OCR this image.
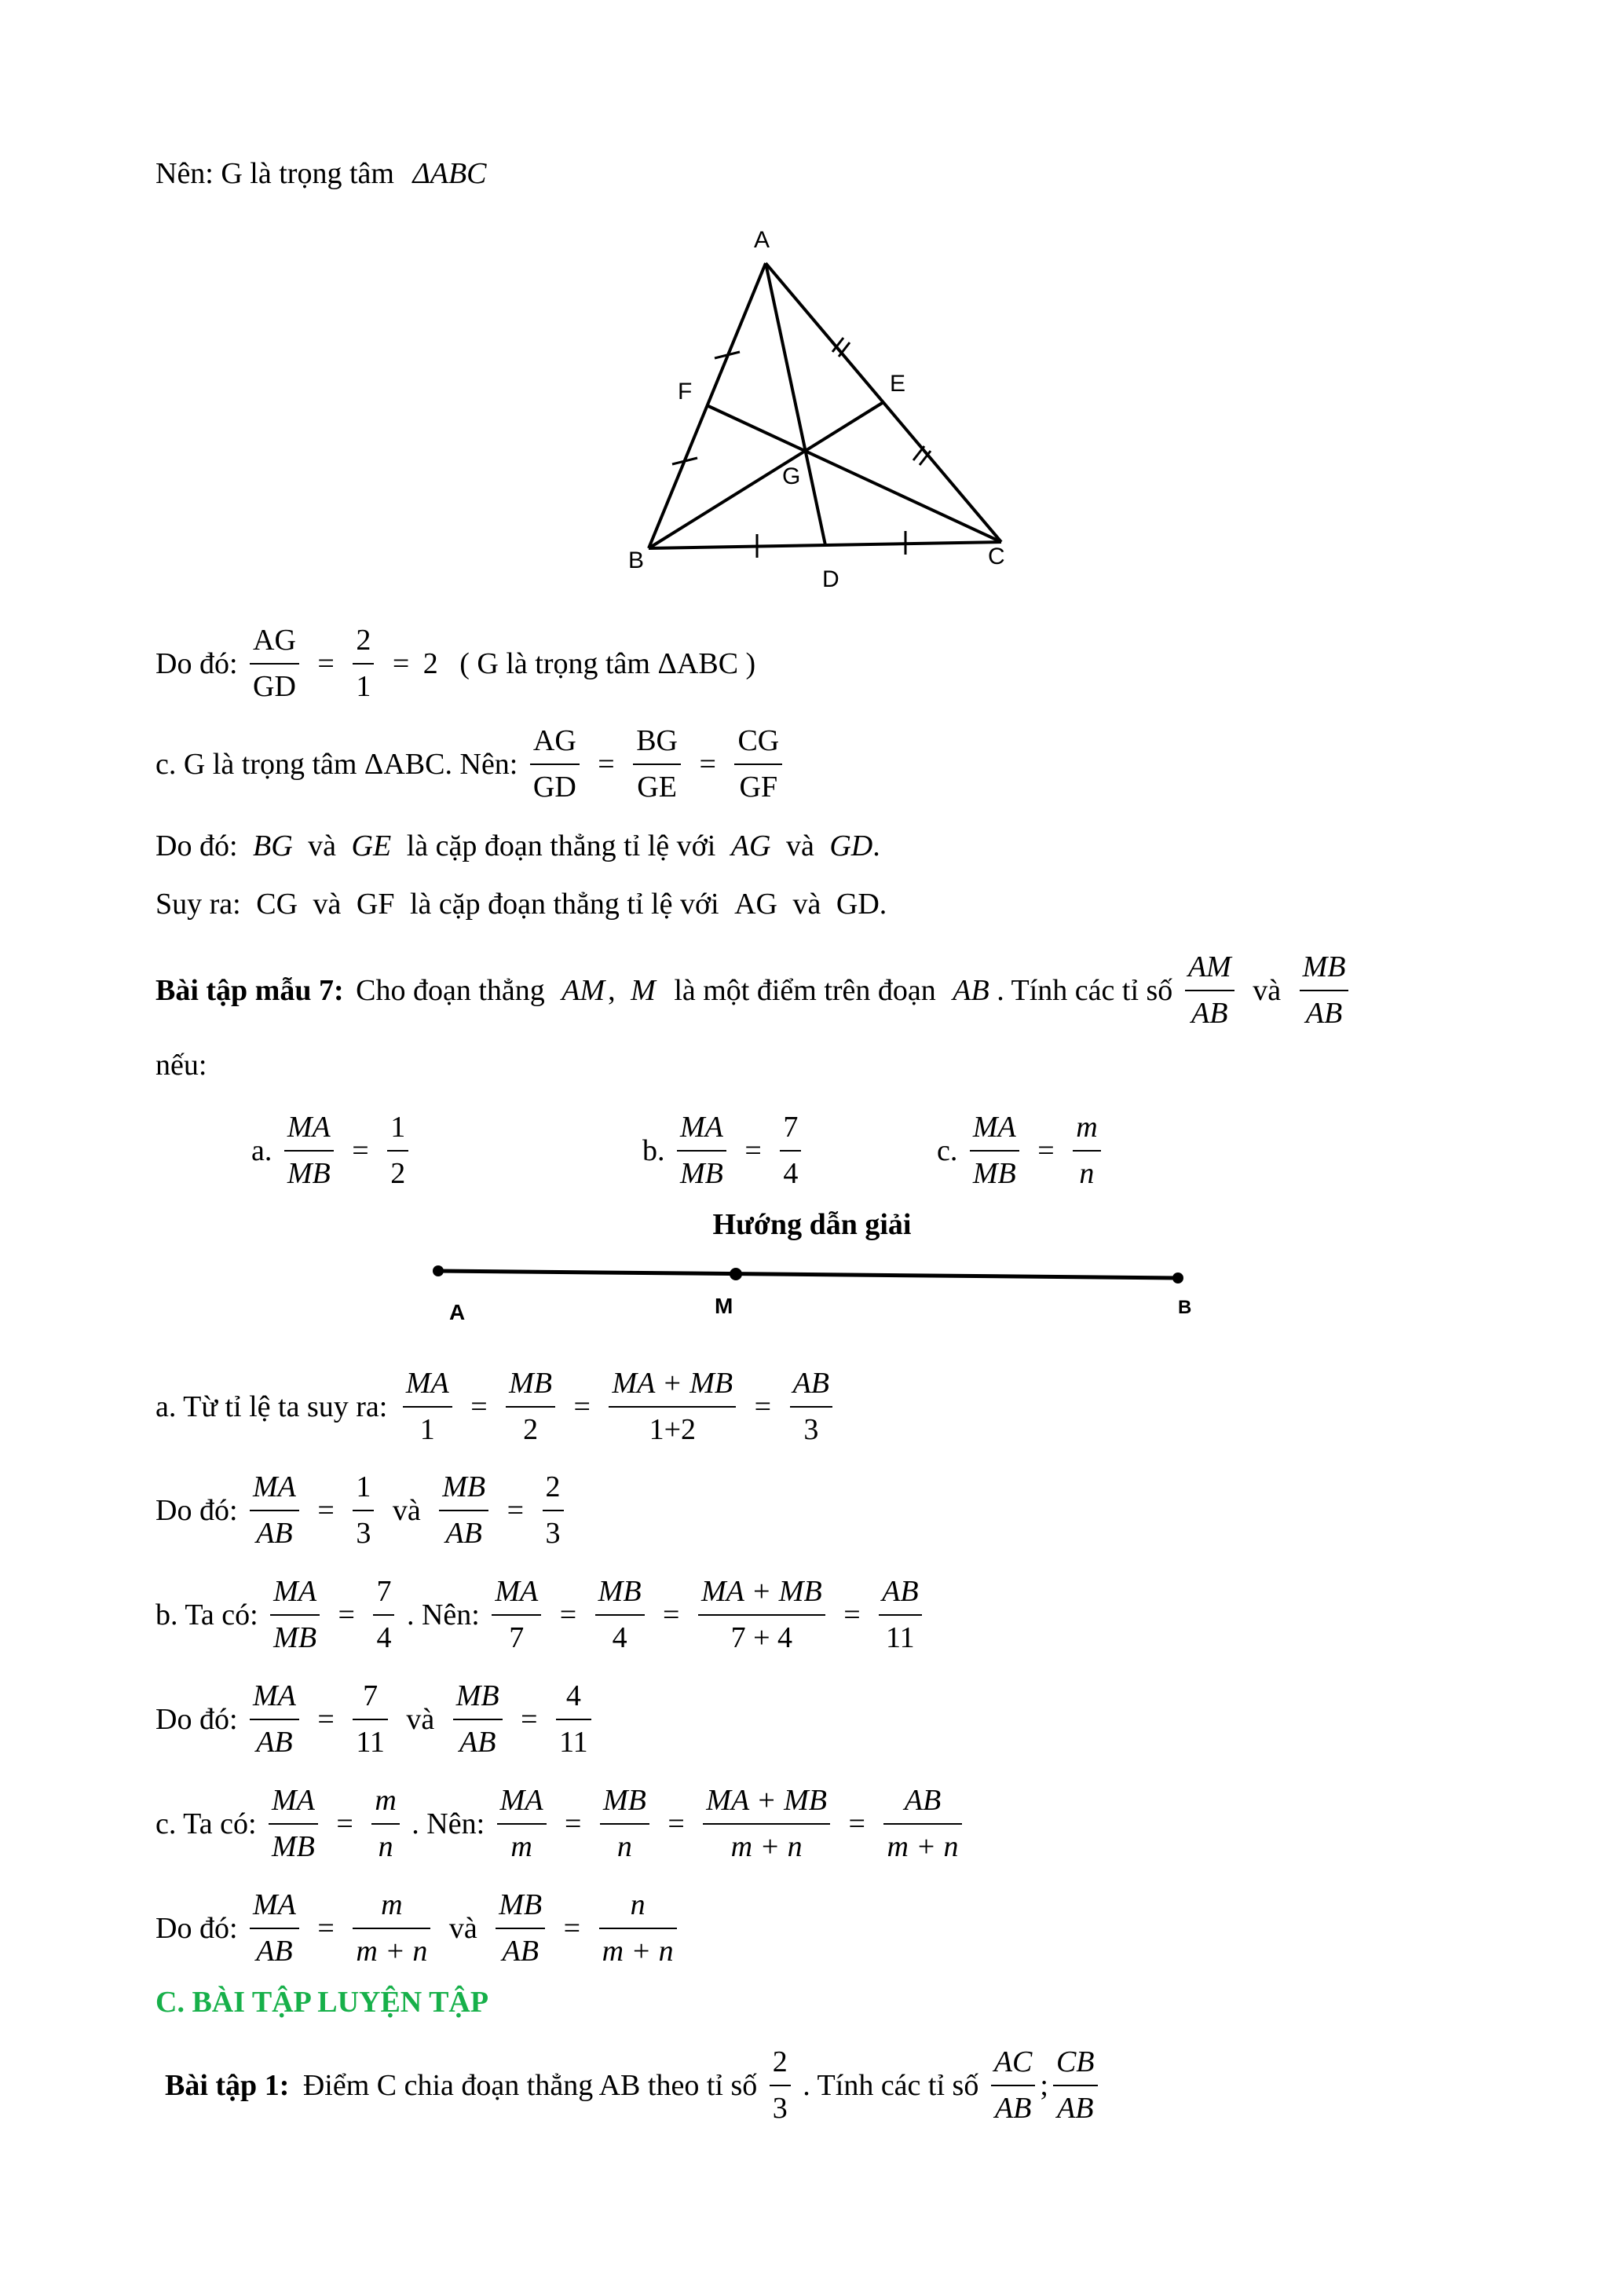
Nên: G là trọng tâm ΔABC
A
F	E
G
B	C
D
Do đó: $\frac{AG}{GD} = \frac{2}{1} = 2$ ( G là trọng tâm ΔABC )
c. G là trọng tâm ΔABC. Nên: $\frac{AG}{GD} = \frac{BG}{GE} = \frac{CG}{GF}$
Do đó: BG và GE là cặp đoạn thẳng tỉ lệ với AG và GD.
Suy ra: CG và GF là cặp đoạn thẳng tỉ lệ với AG và GD.
Bài tập mẫu 7: Cho đoạn thẳng AM , M là một điểm trên đoạn AB . Tính các tỉ số $\frac{AM}{AB}$ và $\frac{MB}{AB}$
nếu:
a. $\frac{MA}{MB} = \frac{1}{2}$	b. $\frac{MA}{MB} = \frac{7}{4}$	c. $\frac{MA}{MB} = \frac{m}{n}$
Hướng dẫn giải
A	M	B
a. Từ tỉ lệ ta suy ra: $\frac{MA}{1} = \frac{MB}{2} = \frac{MA + MB}{1+2} = \frac{AB}{3}$
Do đó: $\frac{MA}{AB} = \frac{1}{3}$ và $\frac{MB}{AB} = \frac{2}{3}$
b. Ta có: $\frac{MA}{MB} = \frac{7}{4}$ . Nên: $\frac{MA}{7} = \frac{MB}{4} = \frac{MA + MB}{7 + 4} = \frac{AB}{11}$
Do đó: $\frac{MA}{AB} = \frac{7}{11}$ và $\frac{MB}{AB} = \frac{4}{11}$
c. Ta có: $\frac{MA}{MB} = \frac{m}{n}$ . Nên: $\frac{MA}{m} = \frac{MB}{n} = \frac{MA + MB}{m + n} = \frac{AB}{m + n}$
Do đó: $\frac{MA}{AB} = \frac{m}{m + n}$ và $\frac{MB}{AB} = \frac{n}{m + n}$
C. BÀI TẬP LUYỆN TẬP
Bài tập 1: Điểm C chia đoạn thẳng AB theo tỉ số $\frac{2}{3}$ . Tính các tỉ số $\frac{AC}{AB}$ ; $\frac{CB}{AB}$
